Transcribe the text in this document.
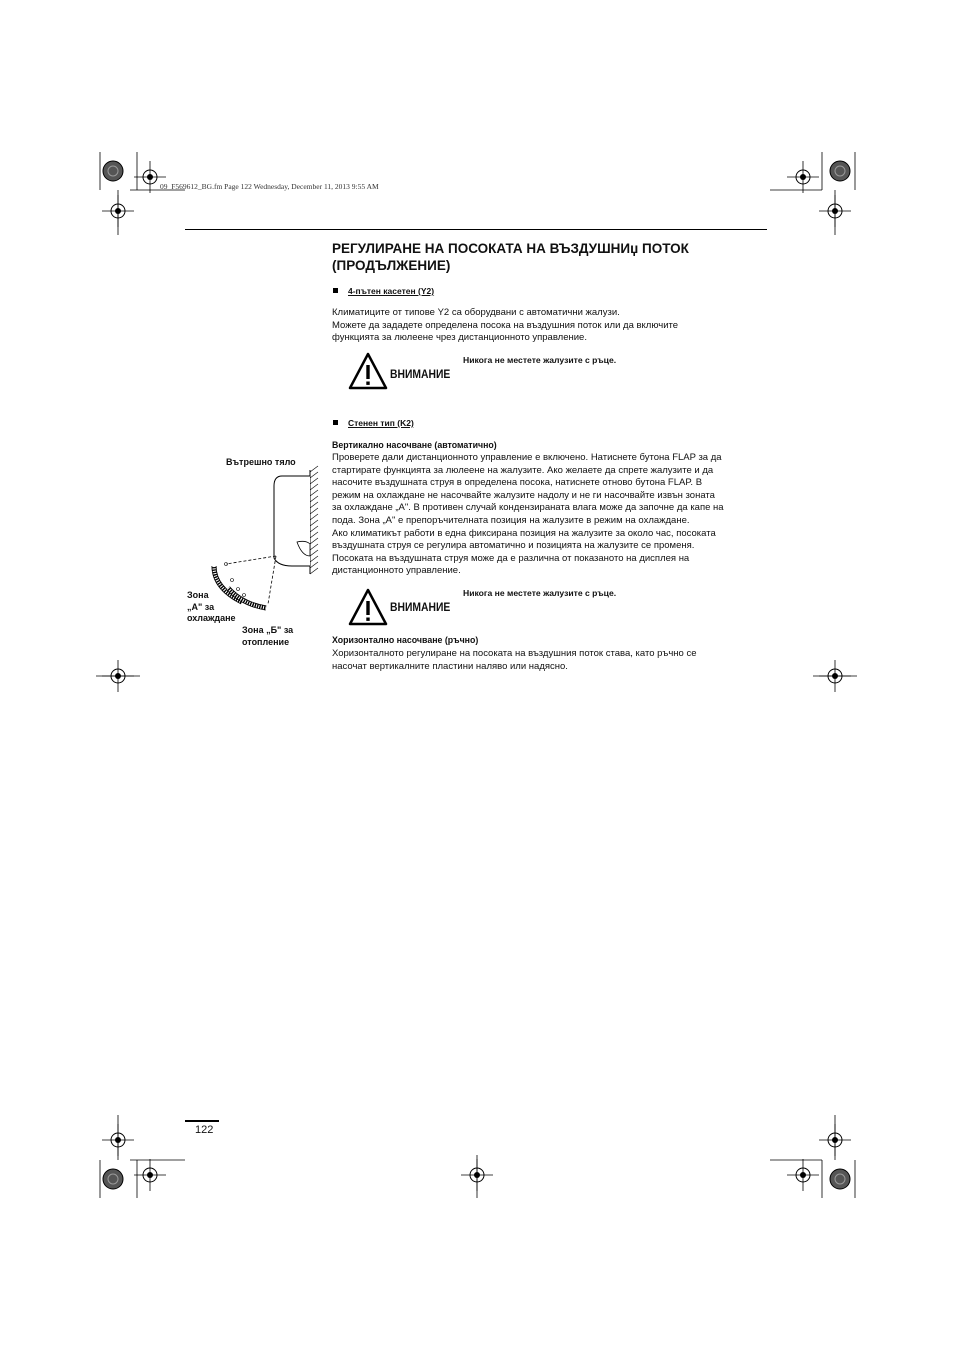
09_F569612_BG.fm Page 122 Wednesday, December 11, 2013 9:55 AM
РЕГУЛИРАНЕ НА ПОСОКАТА НА ВЪЗДУШНИџ ПОТОК
(ПРОДЪЛЖЕНИЕ)
4-пътен касетен (Y2)

Климатиците от типове Y2 са оборудвани с автоматични жалузи.

Можете да зададете определена посока на въздушния поток или да включите

функцията за люлеене чрез дистанционното управление.

Никога не местете жалузите с ръце.
ВНИМАНИЕ
Стенен тип (K2)
Вертикално насочване (автоматично)

Проверете дали дистанционното управление е включено. Натиснете бутона FLAP за да

стартирате функцията за люлеене на жалузите. Ако желаете да спрете жалузите и да

насочите въздушната струя в определена посока, натиснете отново бутона FLAP. В

режим на охлаждане не насочвайте жалузите надолу и не ги насочвайте извън зоната

за охлаждане „А". В противен случай кондензираната влага може да започне да капе на

пода. Зона „А" е препоръчителната позиция на жалузите в режим на охлаждане.

Ако климатикът работи в една фиксирана позиция на жалузите за около час, посоката

въздушната струя се регулира автоматично и позицията на жалузите се променя.

Посоката на въздушната струя може да е различна от показаното на дисплея на

дистанционното управление.

Никога не местете жалузите с ръце.
ВНИМАНИЕ
Хоризонтално насочване (ръчно)

Хоризонталното регулиране на посоката на въздушния поток става, като ръчно се

насочат вертикалните пластини наляво или надясно.

Вътрешно тяло
Зона
„А" за
охлаждане
Зона „Б" за
отопление
122
